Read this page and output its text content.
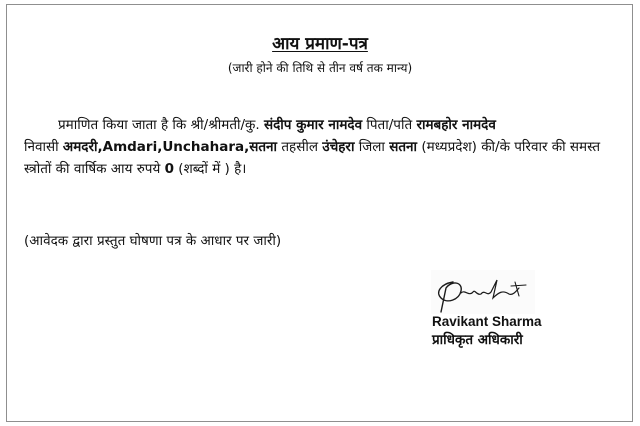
आय प्रमाण-पत्र
(जारी होने की तिथि से तीन वर्ष तक मान्य)
प्रमाणित किया जाता है कि श्री/श्रीमती/कु. संदीप कुमार नामदेव पिता/पति रामबहोर नामदेव
निवासी अमदरी,Amdari,Unchahara,सतना तहसील उंचेहरा जिला सतना (मध्यप्रदेश) की/के परिवार की समस्त स्त्रोतों की वार्षिक आय रुपये 0 (शब्दों में ) है।
(आवेदक द्वारा प्रस्तुत घोषणा पत्र के आधार पर जारी)
Ravikant Sharma
प्राधिकृत अधिकारी
